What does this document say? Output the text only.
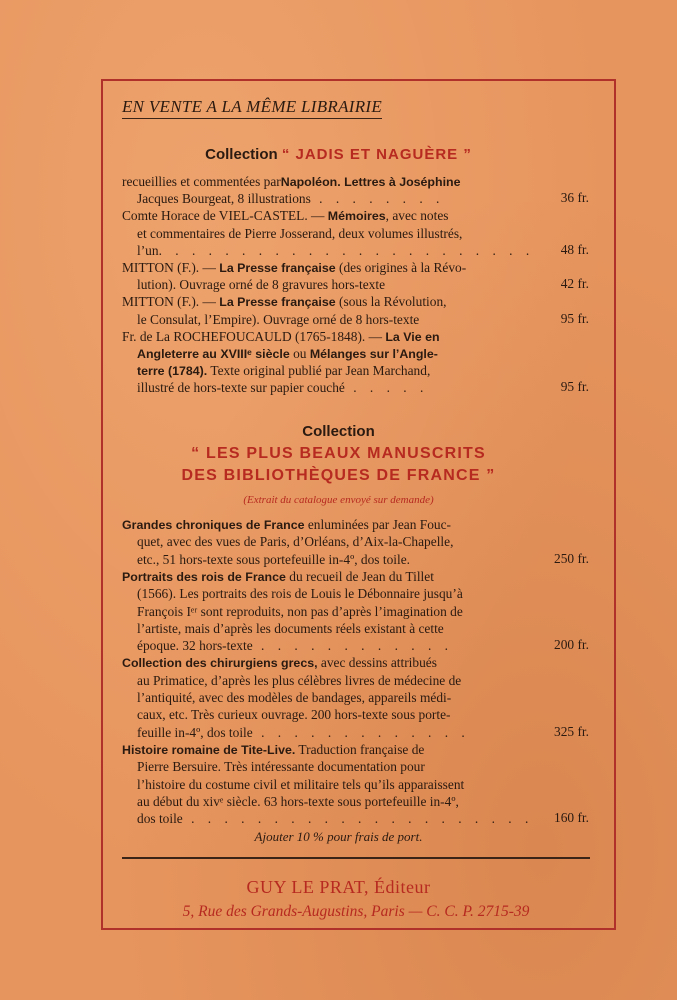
EN VENTE A LA MÊME LIBRAIRIE
Collection “ JADIS ET NAGUÈRE ”
recueillies et commentées parNapoléon. Lettres à Joséphine
Jacques Bourgeat, 8 illustrations . . . . . . . .	36 fr.
Comte Horace de VIEL-CASTEL. — Mémoires, avec notes
et commentaires de Pierre Josserand, deux volumes illustrés,
l’un. . . . . . . . . . . . . . . . . . . . . . . 48 fr.
MITTON (F.). — La Presse française (des origines à la Révo-
lution). Ouvrage orné de 8 gravures hors-texte	42 fr.
MITTON (F.). — La Presse française (sous la Révolution,
le Consulat, l’Empire). Ouvrage orné de 8 hors-texte	95 fr.
Fr. de La ROCHEFOUCAULD (1765-1848). — La Vie en
Angleterre au XVIIIᵉ siècle ou Mélanges sur l’Angle-
terre (1784). Texte original publié par Jean Marchand,
illustré de hors-texte sur papier couché . . . . .	95 fr.
Collection
“ LES PLUS BEAUX MANUSCRITS
DES BIBLIOTHÈQUES DE FRANCE ”
(Extrait du catalogue envoyé sur demande)
Grandes chroniques de France enluminées par Jean Fouc-
quet, avec des vues de Paris, d’Orléans, d’Aix-la-Chapelle,
etc., 51 hors-texte sous portefeuille in-4º, dos toile.	250 fr.
Portraits des rois de France du recueil de Jean du Tillet
(1566). Les portraits des rois de Louis le Débonnaire jusqu’à
François Iᵉʳ sont reproduits, non pas d’après l’imagination de
l’artiste, mais d’après les documents réels existant à cette
époque. 32 hors-texte . . . . . . . . . . . .	200 fr.
Collection des chirurgiens grecs, avec dessins attribués
au Primatice, d’après les plus célèbres livres de médecine de
l’antiquité, avec des modèles de bandages, appareils médi-
caux, etc. Très curieux ouvrage. 200 hors-texte sous porte-
feuille in-4º, dos toile . . . . . . . . . . . . .	325 fr.
Histoire romaine de Tite-Live. Traduction française de
Pierre Bersuire. Très intéressante documentation pour
l’histoire du costume civil et militaire tels qu’ils apparaissent
au début du xivᵉ siècle. 63 hors-texte sous portefeuille in-4º,
dos toile . . . . . . . . . . . . . . . . . . . . . 160 fr.
Ajouter 10 % pour frais de port.
GUY LE PRAT, Éditeur
5, Rue des Grands-Augustins, Paris — C. C. P. 2715-39
